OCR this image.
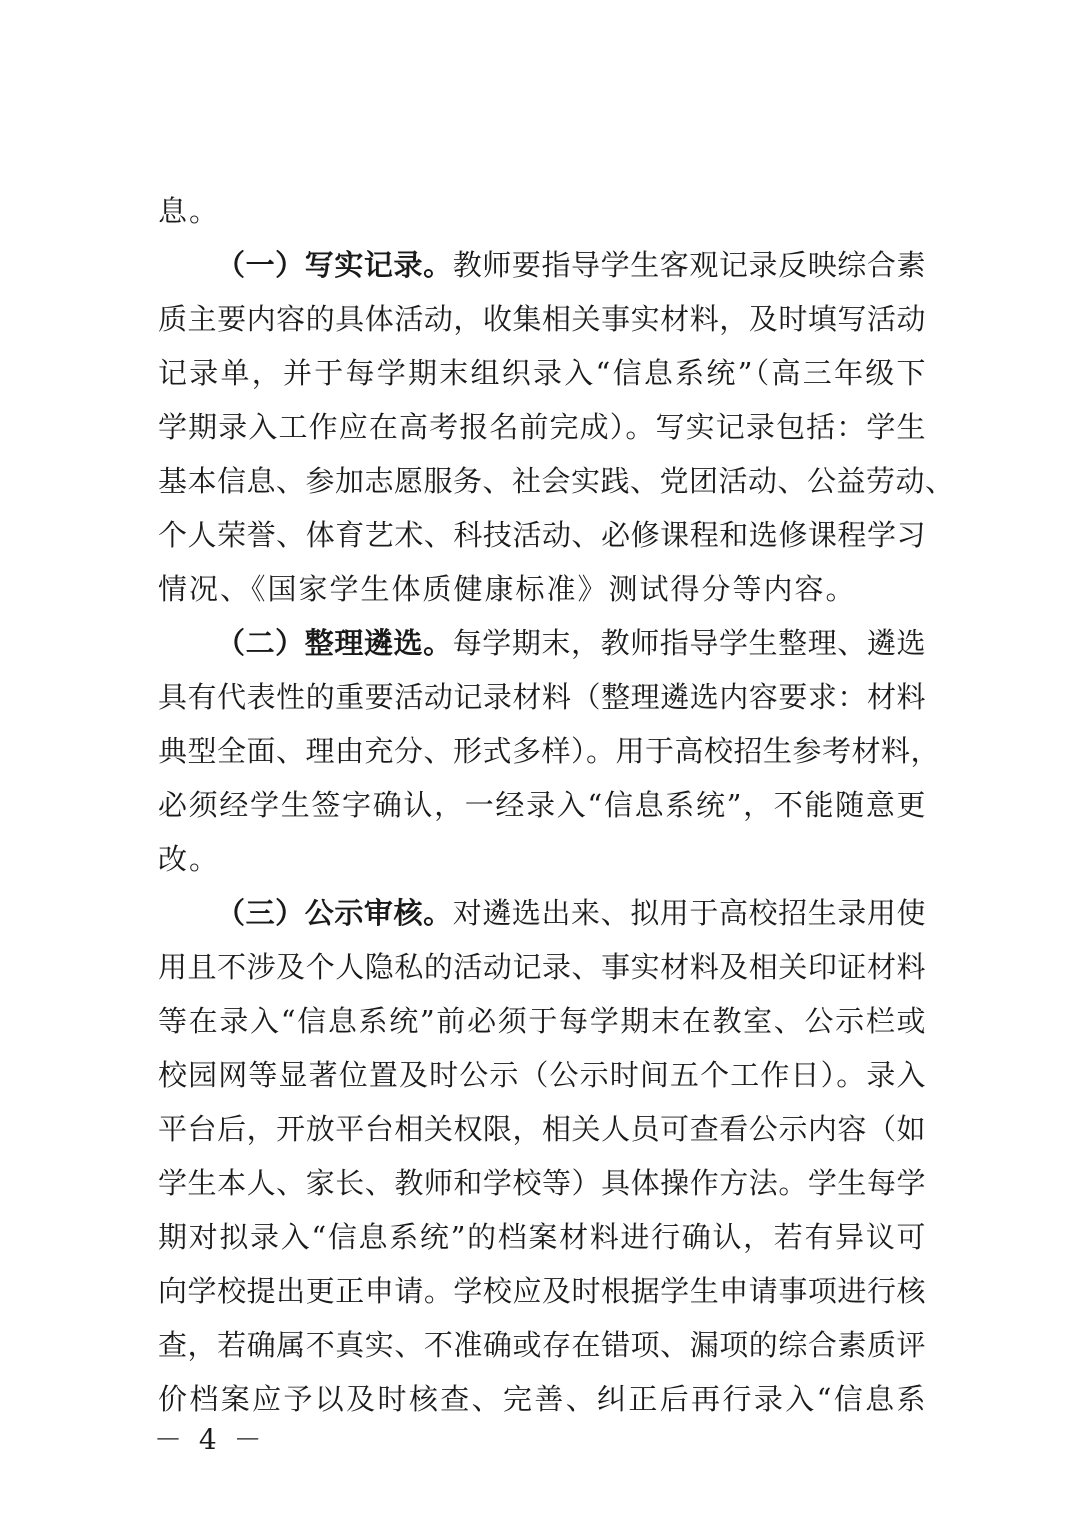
息。
（一）写实记录。教师要指导学生客观记录反映综合素
质主要内容的具体活动，收集相关事实材料，及时填写活动
记录单，并于每学期末组织录入“信息系统”（高三年级下
学期录入工作应在高考报名前完成）。写实记录包括：学生
基本信息、参加志愿服务、社会实践、党团活动、公益劳动、
个人荣誉、体育艺术、科技活动、必修课程和选修课程学习
情况、《国家学生体质健康标准》测试得分等内容。
（二）整理遴选。每学期末，教师指导学生整理、遴选
具有代表性的重要活动记录材料（整理遴选内容要求：材料
典型全面、理由充分、形式多样）。用于高校招生参考材料，
必须经学生签字确认，一经录入“信息系统”，不能随意更
改。
（三）公示审核。对遴选出来、拟用于高校招生录用使
用且不涉及个人隐私的活动记录、事实材料及相关印证材料
等在录入“信息系统”前必须于每学期末在教室、公示栏或
校园网等显著位置及时公示（公示时间五个工作日）。录入
平台后，开放平台相关权限，相关人员可查看公示内容（如
学生本人、家长、教师和学校等）具体操作方法。学生每学
期对拟录入“信息系统”的档案材料进行确认，若有异议可
向学校提出更正申请。学校应及时根据学生申请事项进行核
查，若确属不真实、不准确或存在错项、漏项的综合素质评
价档案应予以及时核查、完善、纠正后再行录入“信息系
－ 4 －
